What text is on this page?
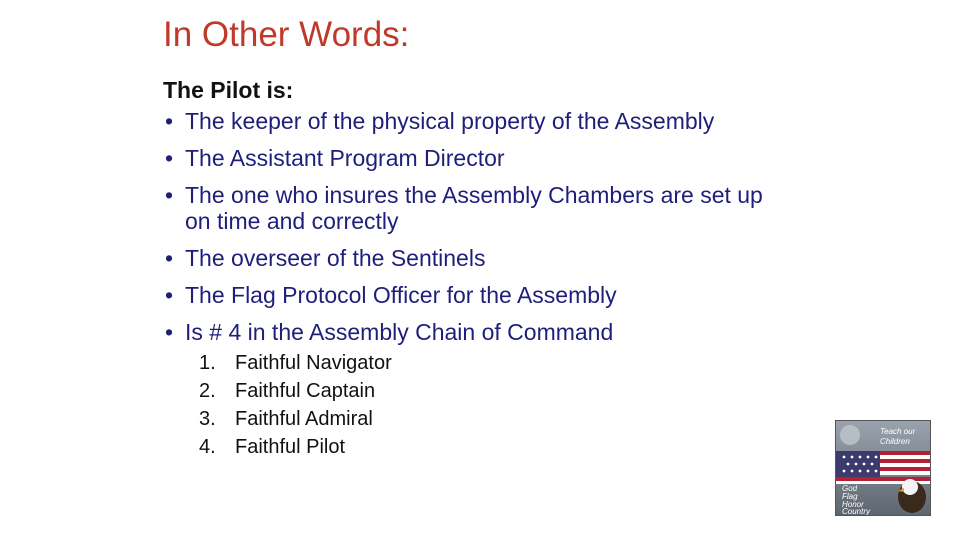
In Other Words:
The Pilot is:
• The keeper of the physical property of the Assembly
• The Assistant Program Director
• The one who insures the Assembly Chambers are set up on time and correctly
• The overseer of the Sentinels
• The Flag Protocol Officer for the Assembly
• Is # 4 in the Assembly Chain of Command
1. Faithful Navigator
2. Faithful Captain
3. Faithful Admiral
4. Faithful Pilot
Teach our
Children
God
Flag
Honor
Country
